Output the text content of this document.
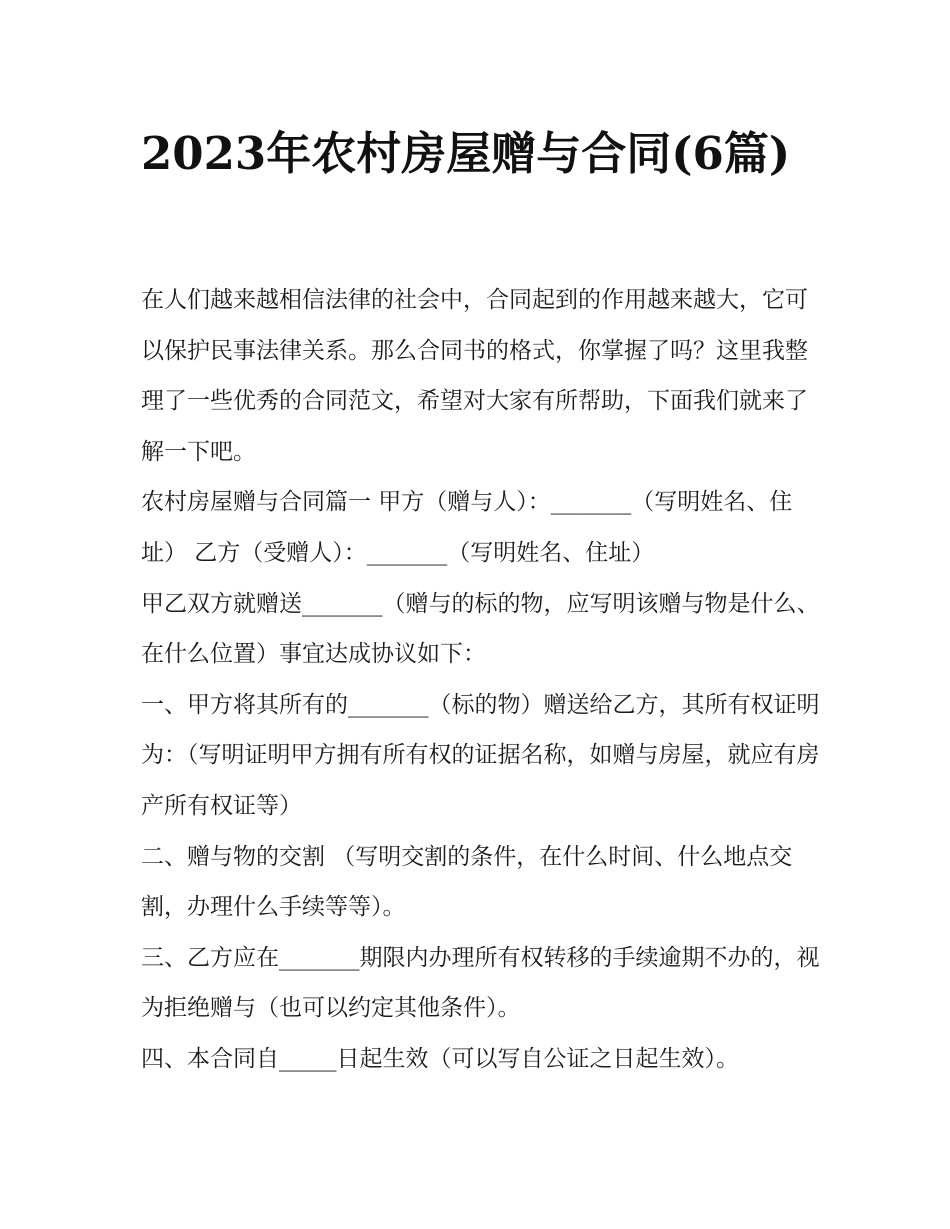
2023年农村房屋赠与合同(6篇)

在人们越来越相信法律的社会中，合同起到的作用越来越大，它可以保护民事法律关系。那么合同书的格式，你掌握了吗？这里我整理了一些优秀的合同范文，希望对大家有所帮助，下面我们就来了解一下吧。

农村房屋赠与合同篇一 甲方（赠与人）：_______（写明姓名、住址） 乙方（受赠人）：_______（写明姓名、住址）

甲乙双方就赠送_______（赠与的标的物，应写明该赠与物是什么、在什么位置）事宜达成协议如下：

一、甲方将其所有的_______（标的物）赠送给乙方，其所有权证明为：（写明证明甲方拥有所有权的证据名称，如赠与房屋，就应有房产所有权证等）

二、赠与物的交割 （写明交割的条件，在什么时间、什么地点交割，办理什么手续等等）。

三、乙方应在_______期限内办理所有权转移的手续逾期不办的，视为拒绝赠与（也可以约定其他条件）。

四、本合同自_____日起生效（可以写自公证之日起生效）。
